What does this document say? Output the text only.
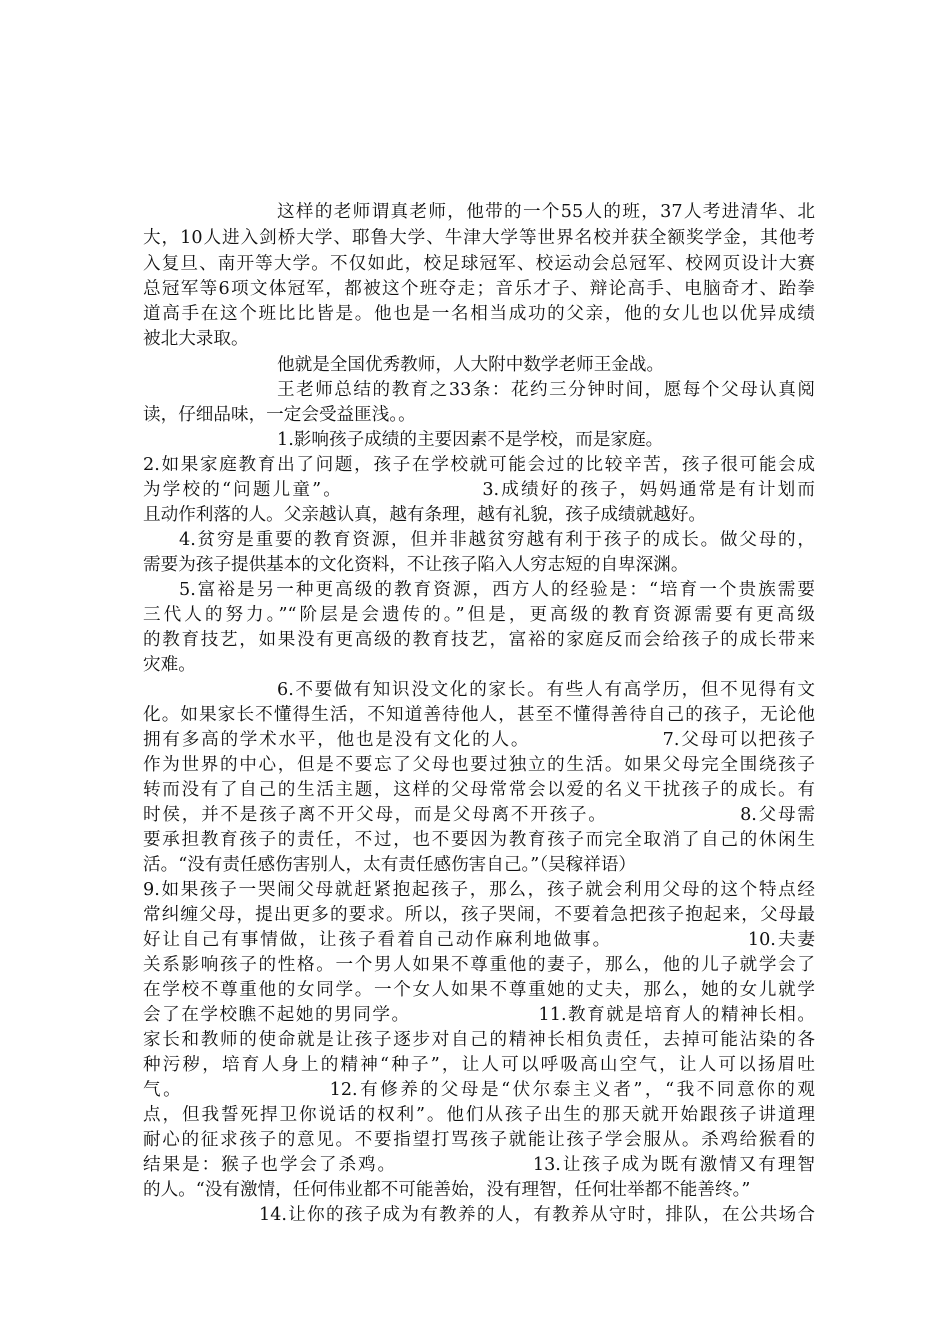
这样的老师谓真老师，他带的一个55人的班，37人考进清华、北

大，10人进入剑桥大学、耶鲁大学、牛津大学等世界名校并获全额奖学金，其他考

入复旦、南开等大学。不仅如此，校足球冠军、校运动会总冠军、校网页设计大赛

总冠军等6项文体冠军，都被这个班夺走；音乐才子、辩论高手、电脑奇才、跆拳

道高手在这个班比比皆是。他也是一名相当成功的父亲，他的女儿也以优异成绩

被北大录取。

他就是全国优秀教师，人大附中数学老师王金战。

王老师总结的教育之33条：花约三分钟时间，愿每个父母认真阅

读，仔细品味，一定会受益匪浅。。

1.影响孩子成绩的主要因素不是学校，而是家庭。

2.如果家庭教育出了问题，孩子在学校就可能会过的比较辛苦，孩子很可能会成

为学校的“问题儿童”。                  3.成绩好的孩子，妈妈通常是有计划而

且动作利落的人。父亲越认真，越有条理，越有礼貌，孩子成绩就越好。

4.贫穷是重要的教育资源，但并非越贫穷越有利于孩子的成长。做父母的，

需要为孩子提供基本的文化资料，不让孩子陷入人穷志短的自卑深渊。

5.富裕是另一种更高级的教育资源，西方人的经验是：“培育一个贵族需要

三代人的努力。”“阶层是会遗传的。”但是，更高级的教育资源需要有更高级

的教育技艺，如果没有更高级的教育技艺，富裕的家庭反而会给孩子的成长带来

灾难。

6.不要做有知识没文化的家长。有些人有高学历，但不见得有文

化。如果家长不懂得生活，不知道善待他人，甚至不懂得善待自己的孩子，无论他

拥有多高的学术水平，他也是没有文化的人。                  7.父母可以把孩子

作为世界的中心，但是不要忘了父母也要过独立的生活。如果父母完全围绕孩子

转而没有了自己的生活主题，这样的父母常常会以爱的名义干扰孩子的成长。有

时侯，并不是孩子离不开父母，而是父母离不开孩子。                  8.父母需

要承担教育孩子的责任，不过，也不要因为教育孩子而完全取消了自己的休闲生

活。“没有责任感伤害别人，太有责任感伤害自己。”（吴稼祥语）

9.如果孩子一哭闹父母就赶紧抱起孩子，那么，孩子就会利用父母的这个特点经

常纠缠父母，提出更多的要求。所以，孩子哭闹，不要着急把孩子抱起来，父母最

好让自己有事情做，让孩子看着自己动作麻利地做事。                  10.夫妻

关系影响孩子的性格。一个男人如果不尊重他的妻子，那么，他的儿子就学会了

在学校不尊重他的女同学。一个女人如果不尊重她的丈夫，那么，她的女儿就学

会了在学校瞧不起她的男同学。                  11.教育就是培育人的精神长相。

家长和教师的使命就是让孩子逐步对自己的精神长相负责任，去掉可能沾染的各

种污秽，培育人身上的精神“种子”，让人可以呼吸高山空气，让人可以扬眉吐

气。                  12.有修养的父母是“伏尔泰主义者”，“我不同意你的观

点，但我誓死捍卫你说话的权利”。他们从孩子出生的那天就开始跟孩子讲道理

耐心的征求孩子的意见。不要指望打骂孩子就能让孩子学会服从。杀鸡给猴看的

结果是：猴子也学会了杀鸡。                  13.让孩子成为既有激情又有理智

的人。“没有激情，任何伟业都不可能善始，没有理智，任何壮举都不能善终。”

14.让你的孩子成为有教养的人，有教养从守时，排队，在公共场合
